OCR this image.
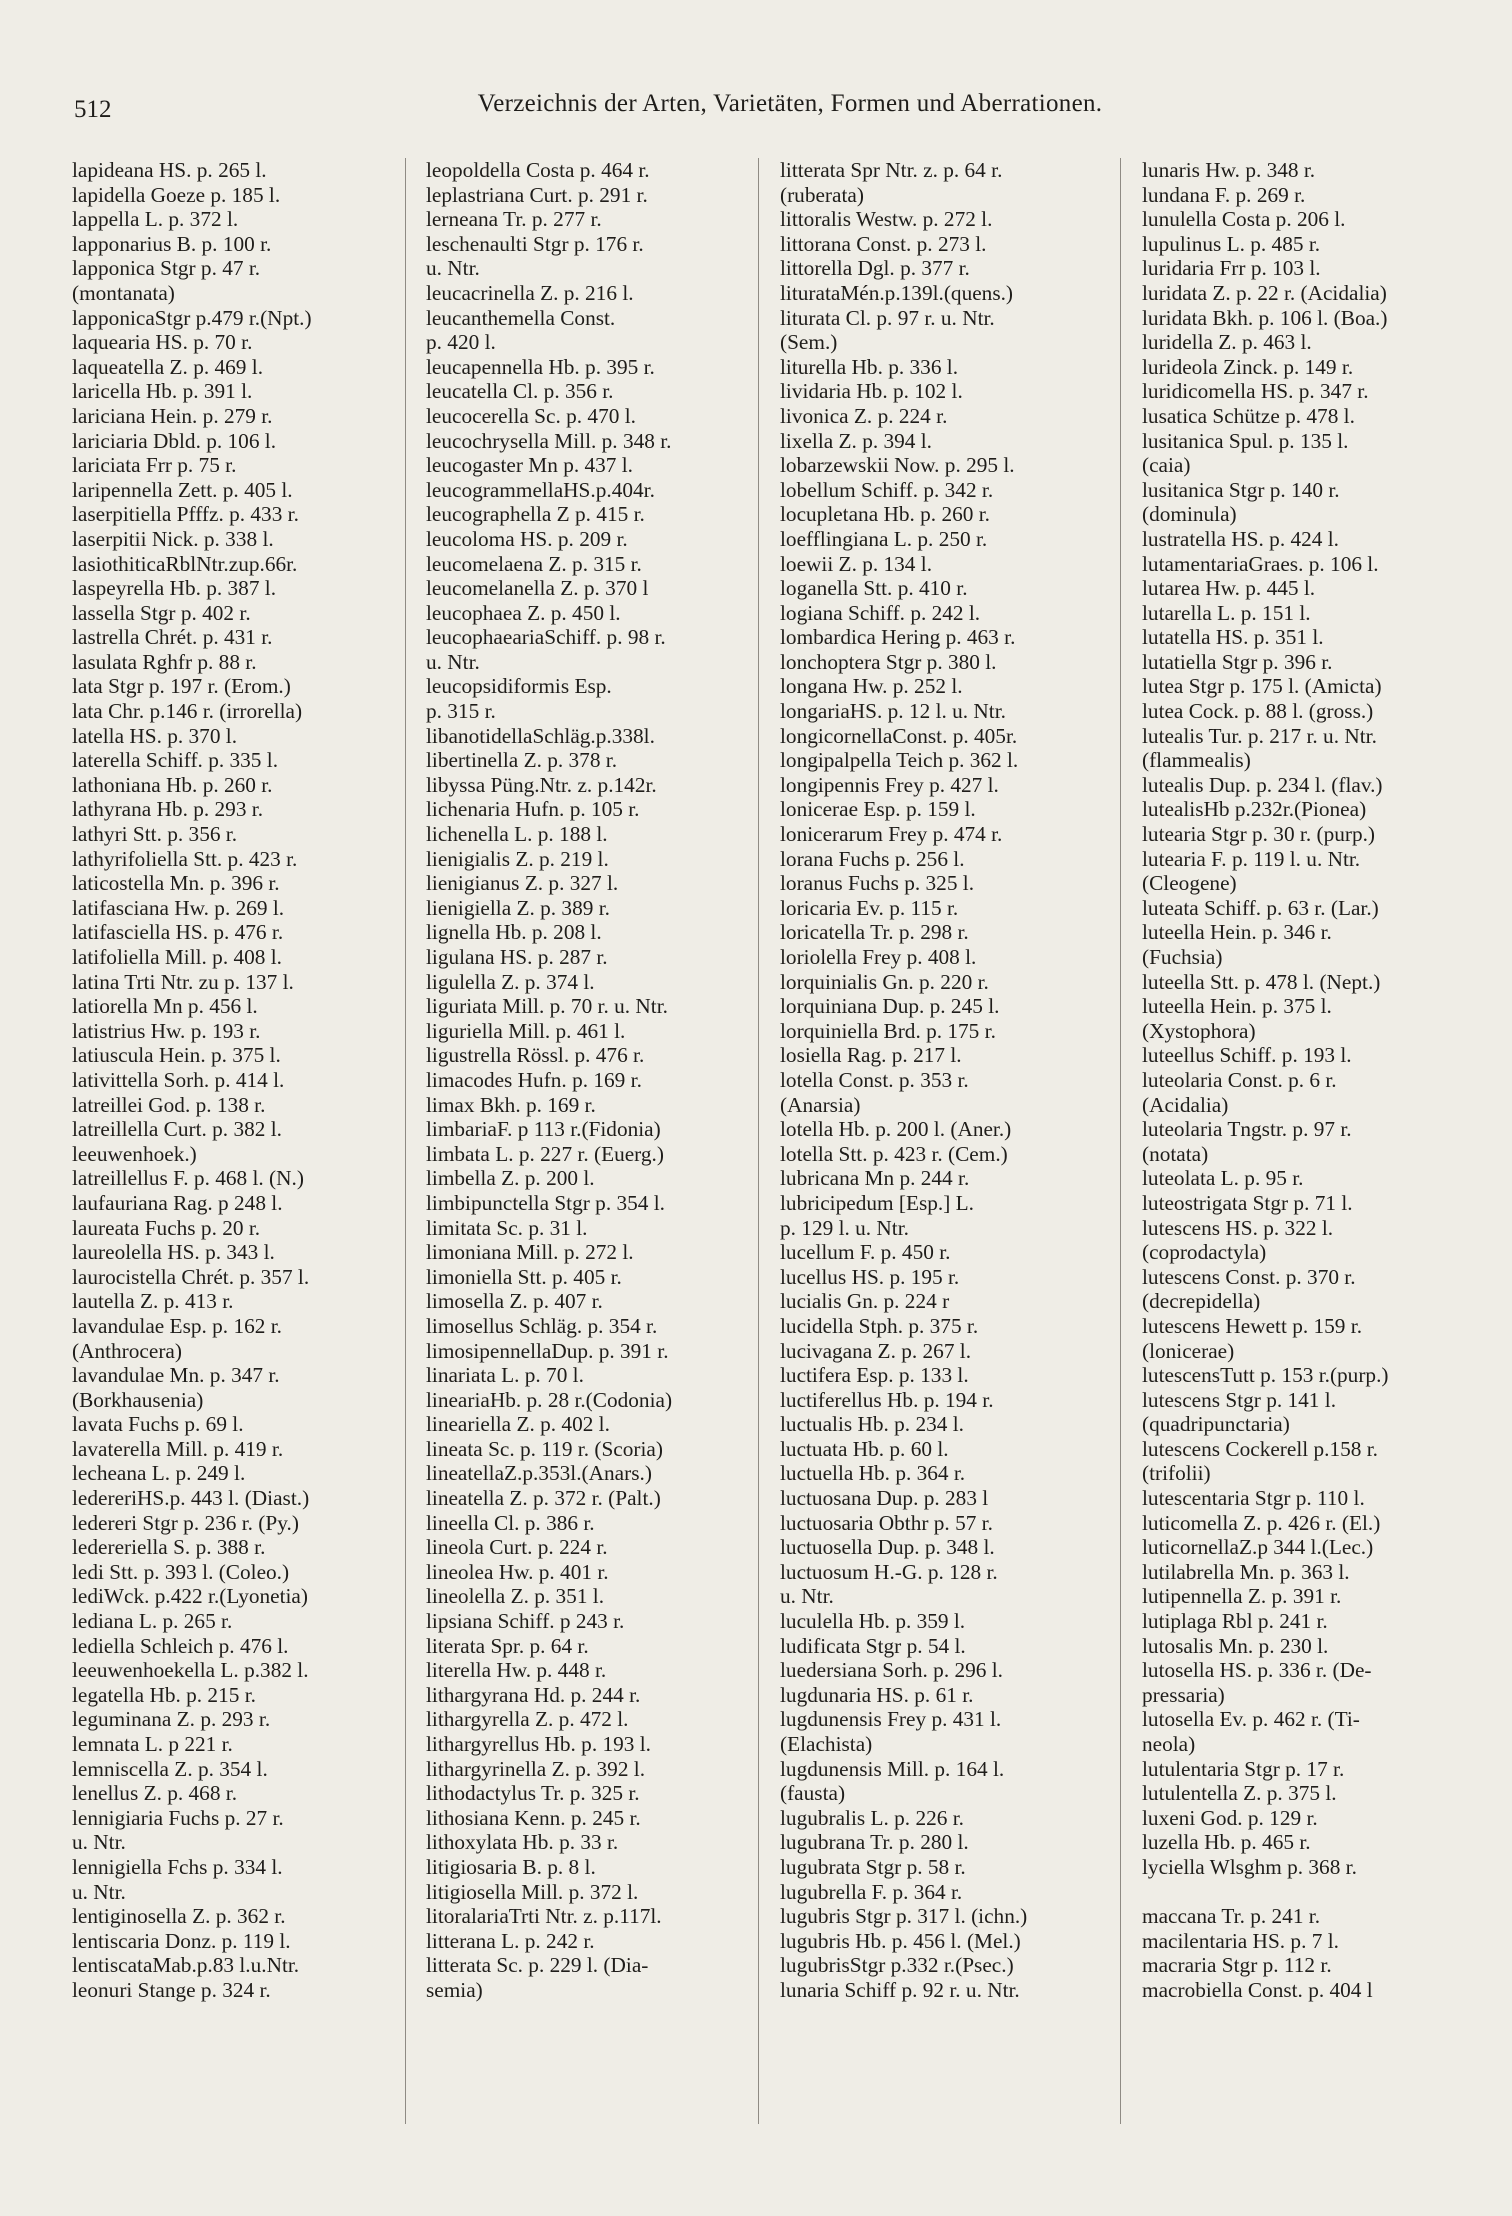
512	Verzeichnis der Arten, Varietäten, Formen und Aberrationen.
lapideana HS. p. 265 l.
lapidella Goeze p. 185 l.
lappella L. p. 372 l.
lapponarius B. p. 100 r.
lapponica Stgr p. 47 r.
(montanata)
lapponicaStgr p.479 r.(Npt.)
laquearia HS. p. 70 r.
laqueatella Z. p. 469 l.
laricella Hb. p. 391 l.
lariciana Hein. p. 279 r.
lariciaria Dbld. p. 106 l.
lariciata Frr p. 75 r.
laripennella Zett. p. 405 l.
laserpitiella Pfffz. p. 433 r.
laserpitii Nick. p. 338 l.
lasiothiticaRblNtr.zup.66r.
laspeyrella Hb. p. 387 l.
lassella Stgr p. 402 r.
lastrella Chrét. p. 431 r.
lasulata Rghfr p. 88 r.
lata Stgr p. 197 r. (Erom.)
lata Chr. p.146 r. (irrorella)
latella HS. p. 370 l.
laterella Schiff. p. 335 l.
lathoniana Hb. p. 260 r.
lathyrana Hb. p. 293 r.
lathyri Stt. p. 356 r.
lathyrifoliella Stt. p. 423 r.
laticostella Mn. p. 396 r.
latifasciana Hw. p. 269 l.
latifasciella HS. p. 476 r.
latifoliella Mill. p. 408 l.
latina Trti Ntr. zu p. 137 l.
latiorella Mn p. 456 l.
latistrius Hw. p. 193 r.
latiuscula Hein. p. 375 l.
lativittella Sorh. p. 414 l.
latreillei God. p. 138 r.
latreillella Curt. p. 382 l.
leeuwenhoek.)
latreillellus F. p. 468 l. (N.)
laufauriana Rag. p 248 l.
laureata Fuchs p. 20 r.
laureolella HS. p. 343 l.
laurocistella Chrét. p. 357 l.
lautella Z. p. 413 r.
lavandulae Esp. p. 162 r.
(Anthrocera)
lavandulae Mn. p. 347 r.
(Borkhausenia)
lavata Fuchs p. 69 l.
lavaterella Mill. p. 419 r.
lecheana L. p. 249 l.
ledereriHS.p. 443 l. (Diast.)
ledereri Stgr p. 236 r. (Py.)
ledereriella S. p. 388 r.
ledi Stt. p. 393 l. (Coleo.)
lediWck. p.422 r.(Lyonetia)
lediana L. p. 265 r.
lediella Schleich p. 476 l.
leeuwenhoekella L. p.382 l.
legatella Hb. p. 215 r.
leguminana Z. p. 293 r.
lemnata L. p 221 r.
lemniscella Z. p. 354 l.
lenellus Z. p. 468 r.
lennigiaria Fuchs p. 27 r.
u. Ntr.
lennigiella Fchs p. 334 l.
u. Ntr.
lentiginosella Z. p. 362 r.
lentiscaria Donz. p. 119 l.
lentiscataMab.p.83 l.u.Ntr.
leonuri Stange p. 324 r.
leopoldella Costa p. 464 r.
leplastriana Curt. p. 291 r.
lerneana Tr. p. 277 r.
leschenaulti Stgr p. 176 r.
u. Ntr.
leucacrinella Z. p. 216 l.
leucanthemella Const.
p. 420 l.
leucapennella Hb. p. 395 r.
leucatella Cl. p. 356 r.
leucocerella Sc. p. 470 l.
leucochrysella Mill. p. 348 r.
leucogaster Mn p. 437 l.
leucogrammellaHS.p.404r.
leucographella Z p. 415 r.
leucoloma HS. p. 209 r.
leucomelaena Z. p. 315 r.
leucomelanella Z. p. 370 l
leucophaea Z. p. 450 l.
leucophaeariaSchiff. p. 98 r.
u. Ntr.
leucopsidiformis Esp.
p. 315 r.
libanotidellaSchläg.p.338l.
libertinella Z. p. 378 r.
libyssa Püng.Ntr. z. p.142r.
lichenaria Hufn. p. 105 r.
lichenella L. p. 188 l.
lienigialis Z. p. 219 l.
lienigianus Z. p. 327 l.
lienigiella Z. p. 389 r.
lignella Hb. p. 208 l.
ligulana HS. p. 287 r.
ligulella Z. p. 374 l.
liguriata Mill. p. 70 r. u. Ntr.
liguriella Mill. p. 461 l.
ligustrella Rössl. p. 476 r.
limacodes Hufn. p. 169 r.
limax Bkh. p. 169 r.
limbariaF. p 113 r.(Fidonia)
limbata L. p. 227 r. (Euerg.)
limbella Z. p. 200 l.
limbipunctella Stgr p. 354 l.
limitata Sc. p. 31 l.
limoniana Mill. p. 272 l.
limoniella Stt. p. 405 r.
limosella Z. p. 407 r.
limosellus Schläg. p. 354 r.
limosipennellaDup. p. 391 r.
linariata L. p. 70 l.
lineariaHb. p. 28 r.(Codonia)
lineariella Z. p. 402 l.
lineata Sc. p. 119 r. (Scoria)
lineatellaZ.p.353l.(Anars.)
lineatella Z. p. 372 r. (Palt.)
lineella Cl. p. 386 r.
lineola Curt. p. 224 r.
lineolea Hw. p. 401 r.
lineolella Z. p. 351 l.
lipsiana Schiff. p 243 r.
literata Spr. p. 64 r.
literella Hw. p. 448 r.
lithargyrana Hd. p. 244 r.
lithargyrella Z. p. 472 l.
lithargyrellus Hb. p. 193 l.
lithargyrinella Z. p. 392 l.
lithodactylus Tr. p. 325 r.
lithosiana Kenn. p. 245 r.
lithoxylata Hb. p. 33 r.
litigiosaria B. p. 8 l.
litigiosella Mill. p. 372 l.
litoralariaTrti Ntr. z. p.117l.
litterana L. p. 242 r.
litterata Sc. p. 229 l. (Dia-
semia)
litterata Spr Ntr. z. p. 64 r.
(ruberata)
littoralis Westw. p. 272 l.
littorana Const. p. 273 l.
littorella Dgl. p. 377 r.
liturataMén.p.139l.(quens.)
liturata Cl. p. 97 r. u. Ntr.
(Sem.)
liturella Hb. p. 336 l.
lividaria Hb. p. 102 l.
livonica Z. p. 224 r.
lixella Z. p. 394 l.
lobarzewskii Now. p. 295 l.
lobellum Schiff. p. 342 r.
locupletana Hb. p. 260 r.
loefflingiana L. p. 250 r.
loewii Z. p. 134 l.
loganella Stt. p. 410 r.
logiana Schiff. p. 242 l.
lombardica Hering p. 463 r.
lonchoptera Stgr p. 380 l.
longana Hw. p. 252 l.
longariaHS. p. 12 l. u. Ntr.
longicornellaConst. p. 405r.
longipalpella Teich p. 362 l.
longipennis Frey p. 427 l.
lonicerae Esp. p. 159 l.
lonicerarum Frey p. 474 r.
lorana Fuchs p. 256 l.
loranus Fuchs p. 325 l.
loricaria Ev. p. 115 r.
loricatella Tr. p. 298 r.
loriolella Frey p. 408 l.
lorquinialis Gn. p. 220 r.
lorquiniana Dup. p. 245 l.
lorquiniella Brd. p. 175 r.
losiella Rag. p. 217 l.
lotella Const. p. 353 r.
(Anarsia)
lotella Hb. p. 200 l. (Aner.)
lotella Stt. p. 423 r. (Cem.)
lubricana Mn p. 244 r.
lubricipedum [Esp.] L.
p. 129 l. u. Ntr.
lucellum F. p. 450 r.
lucellus HS. p. 195 r.
lucialis Gn. p. 224 r
lucidella Stph. p. 375 r.
lucivagana Z. p. 267 l.
luctifera Esp. p. 133 l.
luctiferellus Hb. p. 194 r.
luctualis Hb. p. 234 l.
luctuata Hb. p. 60 l.
luctuella Hb. p. 364 r.
luctuosana Dup. p. 283 l
luctuosaria Obthr p. 57 r.
luctuosella Dup. p. 348 l.
luctuosum H.-G. p. 128 r.
u. Ntr.
luculella Hb. p. 359 l.
ludificata Stgr p. 54 l.
luedersiana Sorh. p. 296 l.
lugdunaria HS. p. 61 r.
lugdunensis Frey p. 431 l.
(Elachista)
lugdunensis Mill. p. 164 l.
(fausta)
lugubralis L. p. 226 r.
lugubrana Tr. p. 280 l.
lugubrata Stgr p. 58 r.
lugubrella F. p. 364 r.
lugubris Stgr p. 317 l. (ichn.)
lugubris Hb. p. 456 l. (Mel.)
lugubrisStgr p.332 r.(Psec.)
lunaria Schiff p. 92 r. u. Ntr.
lunaris Hw. p. 348 r.
lundana F. p. 269 r.
lunulella Costa p. 206 l.
lupulinus L. p. 485 r.
luridaria Frr p. 103 l.
luridata Z. p. 22 r. (Acidalia)
luridata Bkh. p. 106 l. (Boa.)
luridella Z. p. 463 l.
lurideola Zinck. p. 149 r.
luridicomella HS. p. 347 r.
lusatica Schütze p. 478 l.
lusitanica Spul. p. 135 l.
(caia)
lusitanica Stgr p. 140 r.
(dominula)
lustratella HS. p. 424 l.
lutamentariaGraes. p. 106 l.
lutarea Hw. p. 445 l.
lutarella L. p. 151 l.
lutatella HS. p. 351 l.
lutatiella Stgr p. 396 r.
lutea Stgr p. 175 l. (Amicta)
lutea Cock. p. 88 l. (gross.)
lutealis Tur. p. 217 r. u. Ntr.
(flammealis)
lutealis Dup. p. 234 l. (flav.)
lutealisHb p.232r.(Pionea)
lutearia Stgr p. 30 r. (purp.)
lutearia F. p. 119 l. u. Ntr.
(Cleogene)
luteata Schiff. p. 63 r. (Lar.)
luteella Hein. p. 346 r.
(Fuchsia)
luteella Stt. p. 478 l. (Nept.)
luteella Hein. p. 375 l.
(Xystophora)
luteellus Schiff. p. 193 l.
luteolaria Const. p. 6 r.
(Acidalia)
luteolaria Tngstr. p. 97 r.
(notata)
luteolata L. p. 95 r.
luteostrigata Stgr p. 71 l.
lutescens HS. p. 322 l.
(coprodactyla)
lutescens Const. p. 370 r.
(decrepidella)
lutescens Hewett p. 159 r.
(lonicerae)
lutescensTutt p. 153 r.(purp.)
lutescens Stgr p. 141 l.
(quadripunctaria)
lutescens Cockerell p.158 r.
(trifolii)
lutescentaria Stgr p. 110 l.
luticomella Z. p. 426 r. (El.)
luticornellaZ.p 344 l.(Lec.)
lutilabrella Mn. p. 363 l.
lutipennella Z. p. 391 r.
lutiplaga Rbl p. 241 r.
lutosalis Mn. p. 230 l.
lutosella HS. p. 336 r. (De-
pressaria)
lutosella Ev. p. 462 r. (Ti-
neola)
lutulentaria Stgr p. 17 r.
lutulentella Z. p. 375 l.
luxeni God. p. 129 r.
luzella Hb. p. 465 r.
lyciella Wlsghm p. 368 r.
maccana Tr. p. 241 r.
macilentaria HS. p. 7 l.
macraria Stgr p. 112 r.
macrobiella Const. p. 404 l
